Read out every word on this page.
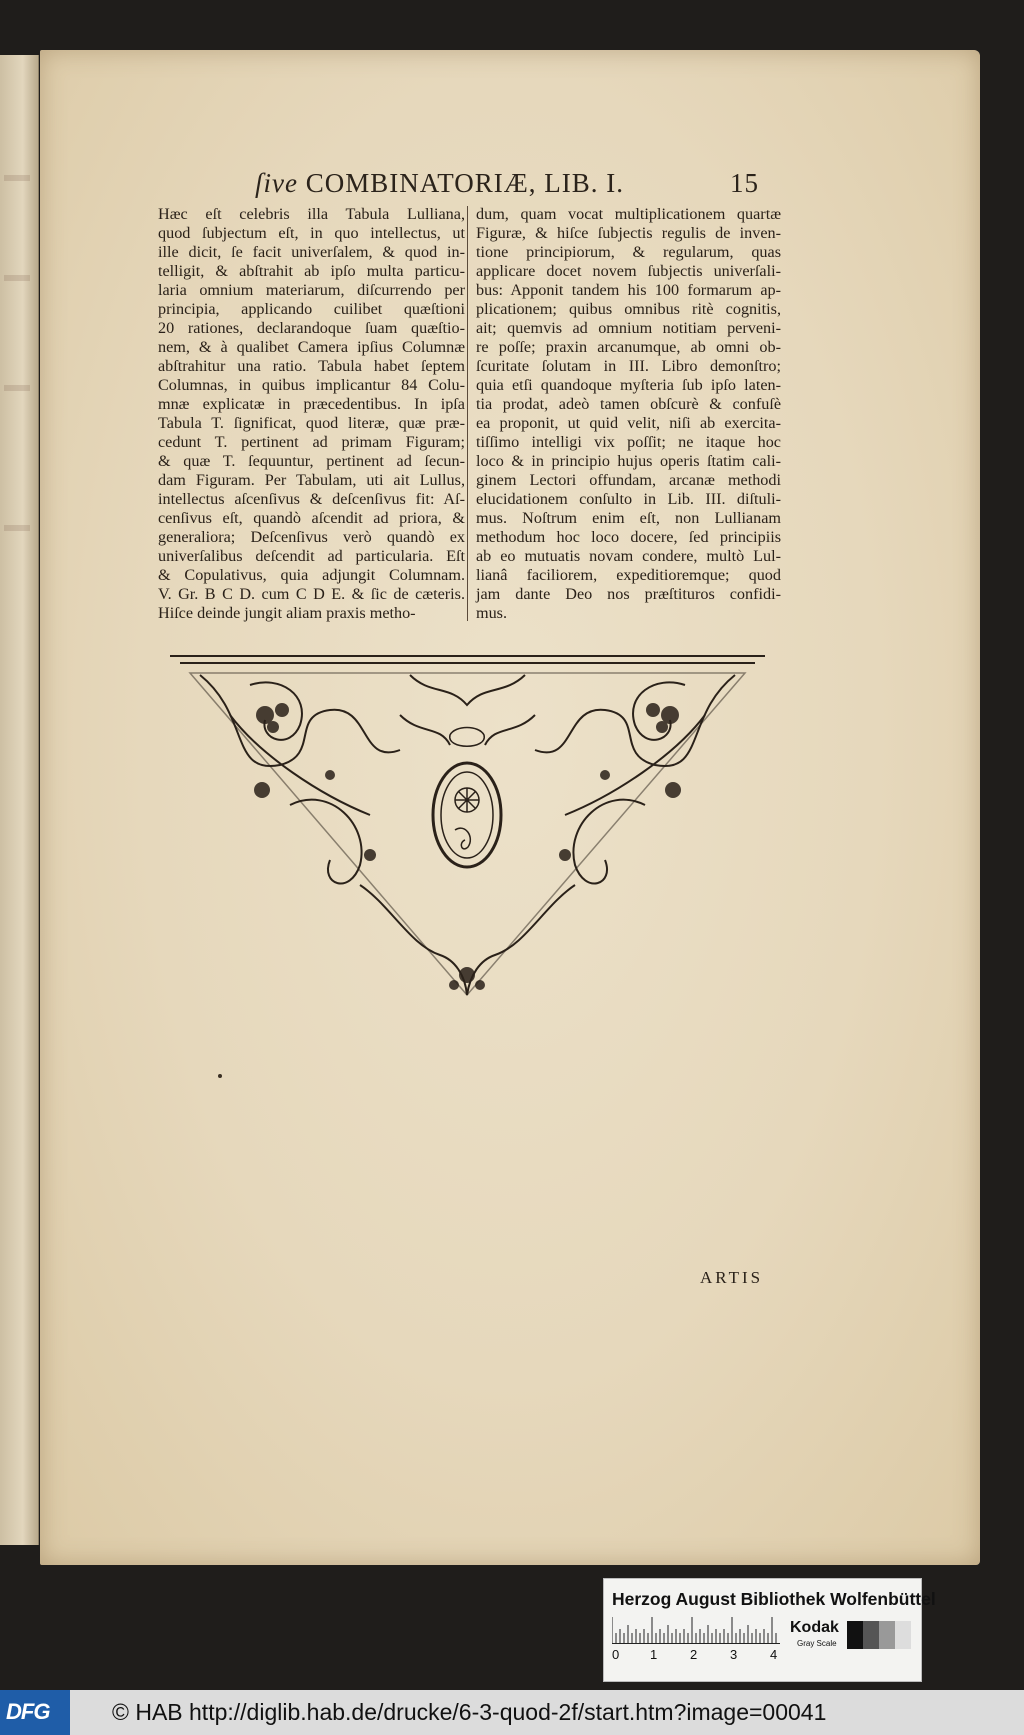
ſive COMBINATORIÆ, LIB. I.	15
Hæc eſt celebris illa Tabula Lulliana,
quod ſubjectum eſt, in quo intellectus, ut
ille dicit, ſe facit univerſalem, & quod in-
telligit, & abſtrahit ab ipſo multa particu-
laria omnium materiarum, diſcurrendo per
principia, applicando cuilibet quæſtioni
20 rationes, declarandoque ſuam quæſtio-
nem, & à qualibet Camera ipſius Columnæ
abſtrahitur una ratio. Tabula habet ſeptem
Columnas, in quibus implicantur 84 Colu-
mnæ explicatæ in præcedentibus. In ipſa
Tabula T. ſignificat, quod literæ, quæ præ-
cedunt T. pertinent ad primam Figuram;
& quæ T. ſequuntur, pertinent ad ſecun-
dam Figuram. Per Tabulam, uti ait Lullus,
intellectus aſcenſivus & deſcenſivus fit: Aſ-
cenſivus eſt, quandò aſcendit ad priora, &
generaliora; Deſcenſivus verò quandò ex
univerſalibus deſcendit ad particularia. Eſt
& Copulativus, quia adjungit Columnam.
V. Gr. B C D. cum C D E. & ſic de cæteris.
Hiſce deinde jungit aliam praxis metho-
dum, quam vocat multiplicationem quartæ
Figuræ, & hiſce ſubjectis regulis de inven-
tione principiorum, & regularum, quas
applicare docet novem ſubjectis univerſali-
bus: Apponit tandem his 100 formarum ap-
plicationem; quibus omnibus ritè cognitis,
ait; quemvis ad omnium notitiam perveni-
re poſſe; praxin arcanumque, ab omni ob-
ſcuritate ſolutam in III. Libro demonſtro;
quia etſi quandoque myſteria ſub ipſo laten-
tia prodat, adeò tamen obſcurè & confuſè
ea proponit, ut quid velit, niſi ab exercita-
tiſſimo intelligi vix poſſit; ne itaque hoc
loco & in principio hujus operis ſtatim cali-
ginem Lectori offundam, arcanæ methodi
elucidationem conſulto in Lib. III. diſtuli-
mus. Noſtrum enim eſt, non Lullianam
methodum hoc loco docere, ſed principiis
ab eo mutuatis novam condere, multò Lul-
lianâ faciliorem, expeditioremque; quod
jam dante Deo nos præſtituros confidi-
mus.
ARTIS
Herzog August Bibliothek Wolfenbüttel
0 1	2	3	4
Kodak
Gray Scale
DFG	© HAB http://diglib.hab.de/drucke/6-3-quod-2f/start.htm?image=00041
